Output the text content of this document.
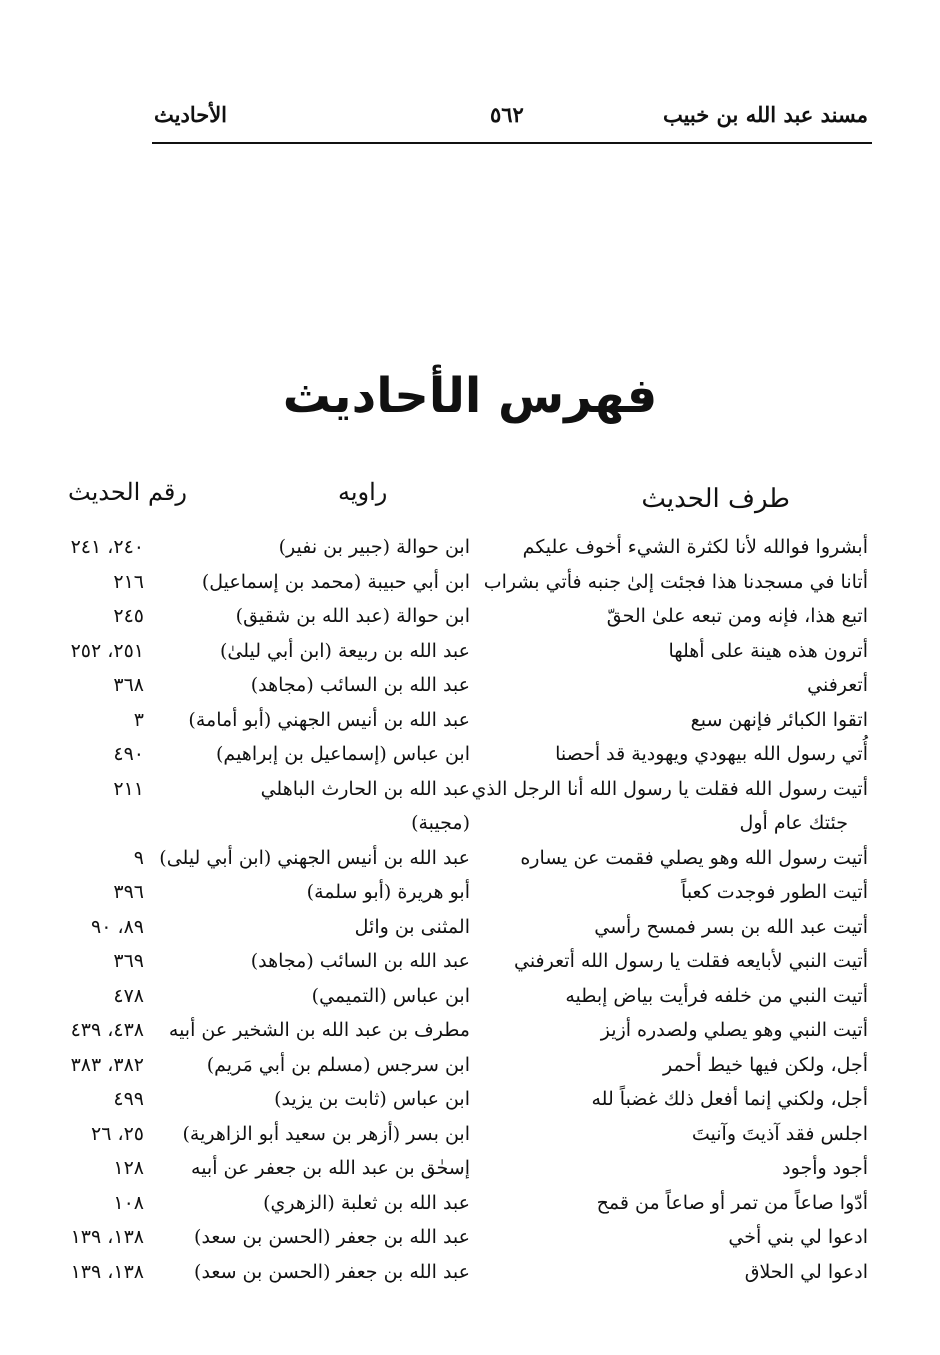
مسند عبد الله بن خبيب
٥٦٢
الأحاديث
فهرس الأحاديث
طرف الحديث
راويه
رقم الحديث
أبشروا فوالله لأنا لكثرة الشيء أخوف عليكم
ابن حوالة (جبير بن نفير)
٢٤٠، ٢٤١
أتانا في مسجدنا هذا فجئت إلىٰ جنبه فأتي بشراب
ابن أبي حبيبة (محمد بن إسماعيل)
٢١٦
اتبع هذا، فإنه ومن تبعه علىٰ الحقّ
ابن حوالة (عبد الله بن شقيق)
٢٤٥
أترون هذه هينة على أهلها
عبد الله بن ربيعة (ابن أبي ليلىٰ)
٢٥١، ٢٥٢
أتعرفني
عبد الله بن السائب (مجاهد)
٣٦٨
اتقوا الكبائر فإنهن سبع
عبد الله بن أنيس الجهني (أبو أمامة)
٣
أُتي رسول الله بيهودي ويهودية قد أحصنا
ابن عباس (إسماعيل بن إبراهيم)
٤٩٠
أتيت رسول الله فقلت يا رسول الله أنا الرجل الذي
عبد الله بن الحارث الباهلي
٢١١
جئتك عام أول
(مجيبة)
أتيت رسول الله وهو يصلي فقمت عن يساره
عبد الله بن أنيس الجهني (ابن أبي ليلى)
٩
أتيت الطور فوجدت كعباً
أبو هريرة (أبو سلمة)
٣٩٦
أتيت عبد الله بن بسر فمسح رأسي
المثنى بن وائل
٨٩، ٩٠
أتيت النبي لأبايعه فقلت يا رسول الله أتعرفني
عبد الله بن السائب (مجاهد)
٣٦٩
أتيت النبي من خلفه فرأيت بياض إبطيه
ابن عباس (التميمي)
٤٧٨
أتيت النبي وهو يصلي ولصدره أزيز
مطرف بن عبد الله بن الشخير عن أبيه
٤٣٨، ٤٣٩
أجل، ولكن فيها خيط أحمر
ابن سرجس (مسلم بن أبي مَريم)
٣٨٢، ٣٨٣
أجل، ولكني إنما أفعل ذلك غضباً لله
ابن عباس (ثابت بن يزيد)
٤٩٩
اجلس فقد آذيتَ وآنيتَ
ابن بسر (أزهر بن سعيد أبو الزاهرية)
٢٥، ٢٦
أجود وأجود
إسحٰق بن عبد الله بن جعفر عن أبيه
١٢٨
أدّوا صاعاً من تمر أو صاعاً من قمح
عبد الله بن ثعلبة (الزهري)
١٠٨
ادعوا لي بني أخي
عبد الله بن جعفر (الحسن بن سعد)
١٣٨، ١٣٩
ادعوا لي الحلاق
عبد الله بن جعفر (الحسن بن سعد)
١٣٨، ١٣٩
